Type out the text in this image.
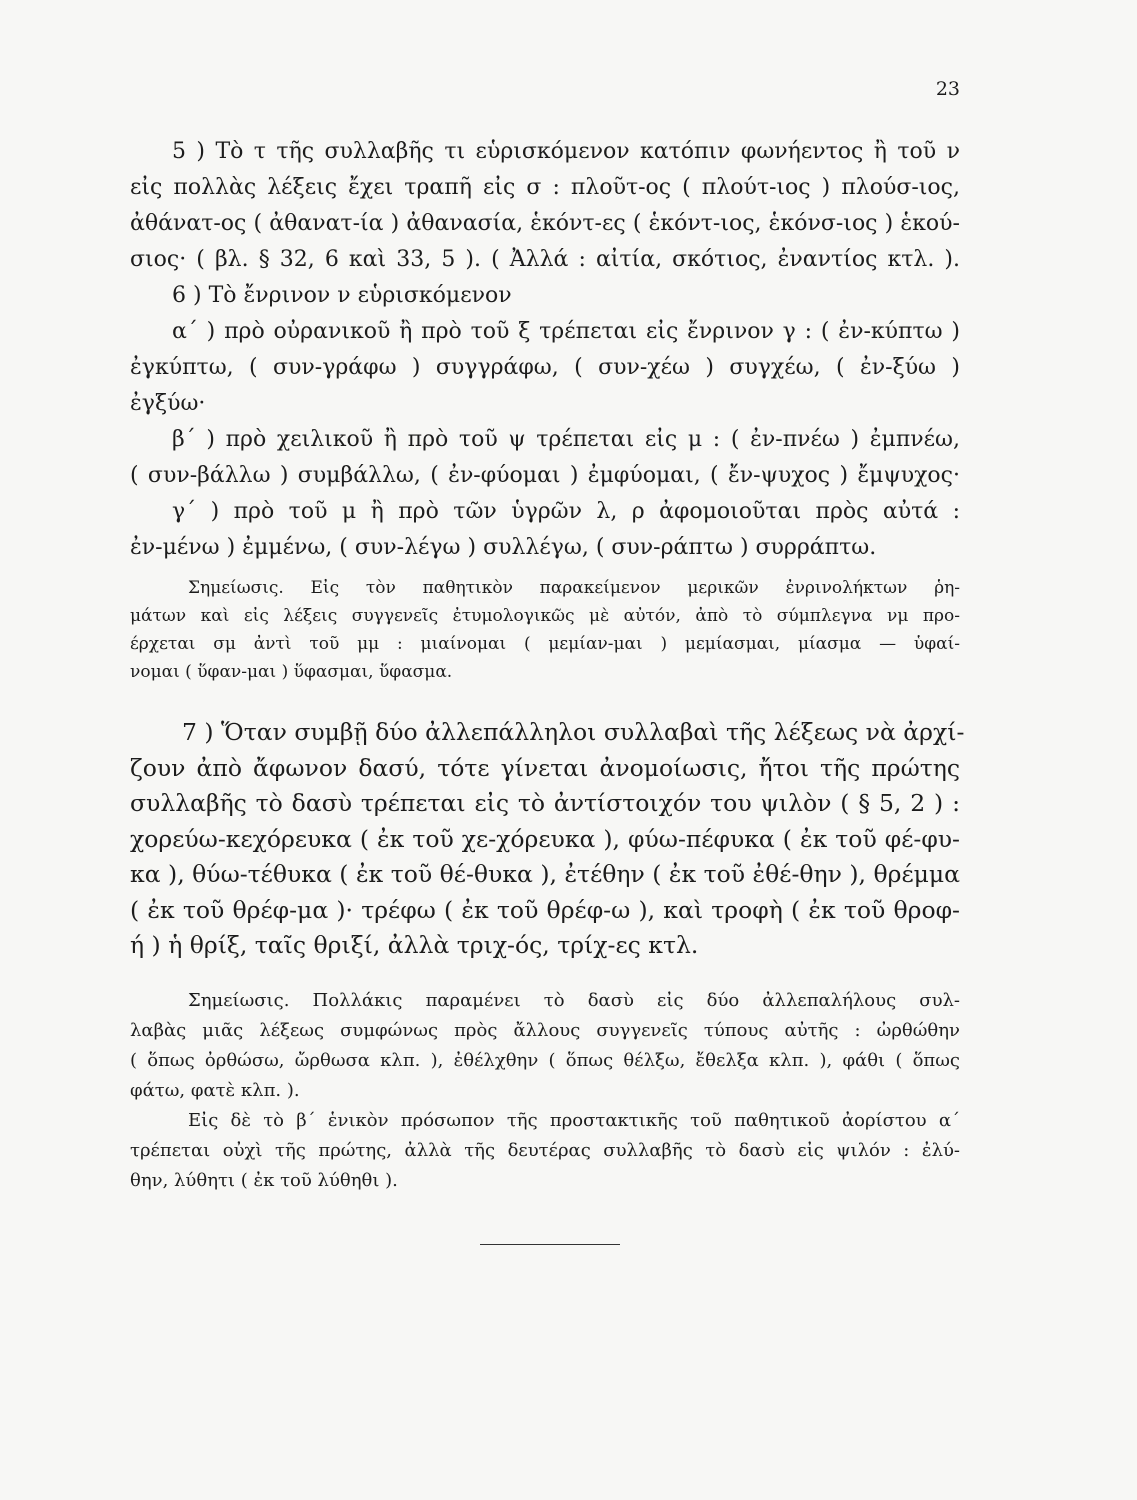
23
5 ) Τὸ τ τῆς συλλαβῆς τι εὑρισκόμενον κατόπιν φωνήεντος ἢ τοῦ ν
εἰς πολλὰς λέξεις ἔχει τραπῆ εἰς σ : πλοῦτ-ος ( πλούτ-ιος ) πλούσ-ιος,
ἀθάνατ-ος ( ἀθανατ-ία ) ἀθανασία, ἑκόντ-ες ( ἑκόντ-ιος, ἑκόνσ-ιος ) ἑκού-
σιος· ( βλ. § 32, 6 καὶ 33, 5 ). ( Ἀλλά : αἰτία, σκότιος, ἐναντίος κτλ. ).
6 ) Τὸ ἔνρινον ν εὑρισκόμενον
α΄ ) πρὸ οὐρανικοῦ ἢ πρὸ τοῦ ξ τρέπεται εἰς ἔνρινον γ : ( ἐν-κύπτω )
ἐγκύπτω, ( συν-γράφω ) συγγράφω, ( συν-χέω ) συγχέω, ( ἐν-ξύω )
ἐγξύω·
β΄ ) πρὸ χειλικοῦ ἢ πρὸ τοῦ ψ τρέπεται εἰς μ : ( ἐν-πνέω ) ἐμπνέω,
( συν-βάλλω ) συμβάλλω, ( ἐν-φύομαι ) ἐμφύομαι, ( ἔν-ψυχος ) ἔμψυχος·
γ΄ ) πρὸ τοῦ μ ἢ πρὸ τῶν ὑγρῶν λ, ρ ἀφομοιοῦται πρὸς αὐτά :
ἐν-μένω ) ἐμμένω, ( συν-λέγω ) συλλέγω, ( συν-ράπτω ) συρράπτω.
Σημείωσις. Εἰς τὸν παθητικὸν παρακείμενον μερικῶν ἐνρινολήκτων ῥη-
μάτων καὶ εἰς λέξεις συγγενεῖς ἐτυμολογικῶς μὲ αὐτόν, ἀπὸ τὸ σύμπλεγνα νμ προ-
έρχεται σμ ἀντὶ τοῦ μμ : μιαίνομαι ( μεμίαν-μαι ) μεμίασμαι, μίασμα — ὑφαί-
νομαι ( ὕφαν-μαι ) ὕφασμαι, ὕφασμα.
7 ) Ὅταν συμβῇ δύο ἀλλεπάλληλοι συλλαβαὶ τῆς λέξεως νὰ ἀρχί-
ζουν ἀπὸ ἄφωνον δασύ, τότε γίνεται ἀνομοίωσις, ἤτοι τῆς πρώτης
συλλαβῆς τὸ δασὺ τρέπεται εἰς τὸ ἀντίστοιχόν του ψιλὸν ( § 5, 2 ) :
χορεύω-κεχόρευκα ( ἐκ τοῦ χε-χόρευκα ), φύω-πέφυκα ( ἐκ τοῦ φέ-φυ-
κα ), θύω-τέθυκα ( ἐκ τοῦ θέ-θυκα ), ἐτέθην ( ἐκ τοῦ ἐθέ-θην ), θρέμμα
( ἐκ τοῦ θρέφ-μα )· τρέφω ( ἐκ τοῦ θρέφ-ω ), καὶ τροφὴ ( ἐκ τοῦ θροφ-
ή ) ἡ θρίξ, ταῖς θριξί, ἀλλὰ τριχ-ός, τρίχ-ες κτλ.
Σημείωσις. Πολλάκις παραμένει τὸ δασὺ εἰς δύο ἀλλεπαλήλους συλ-
λαβὰς μιᾶς λέξεως συμφώνως πρὸς ἄλλους συγγενεῖς τύπους αὐτῆς : ὠρθώθην
( ὅπως ὀρθώσω, ὤρθωσα κλπ. ), ἐθέλχθην ( ὅπως θέλξω, ἔθελξα κλπ. ), φάθι ( ὅπως
φάτω, φατὲ κλπ. ).
Εἰς δὲ τὸ β΄ ἑνικὸν πρόσωπον τῆς προστακτικῆς τοῦ παθητικοῦ ἀορίστου α΄
τρέπεται οὐχὶ τῆς πρώτης, ἀλλὰ τῆς δευτέρας συλλαβῆς τὸ δασὺ εἰς ψιλόν : ἐλύ-
θην, λύθητι ( ἐκ τοῦ λύθηθι ).
